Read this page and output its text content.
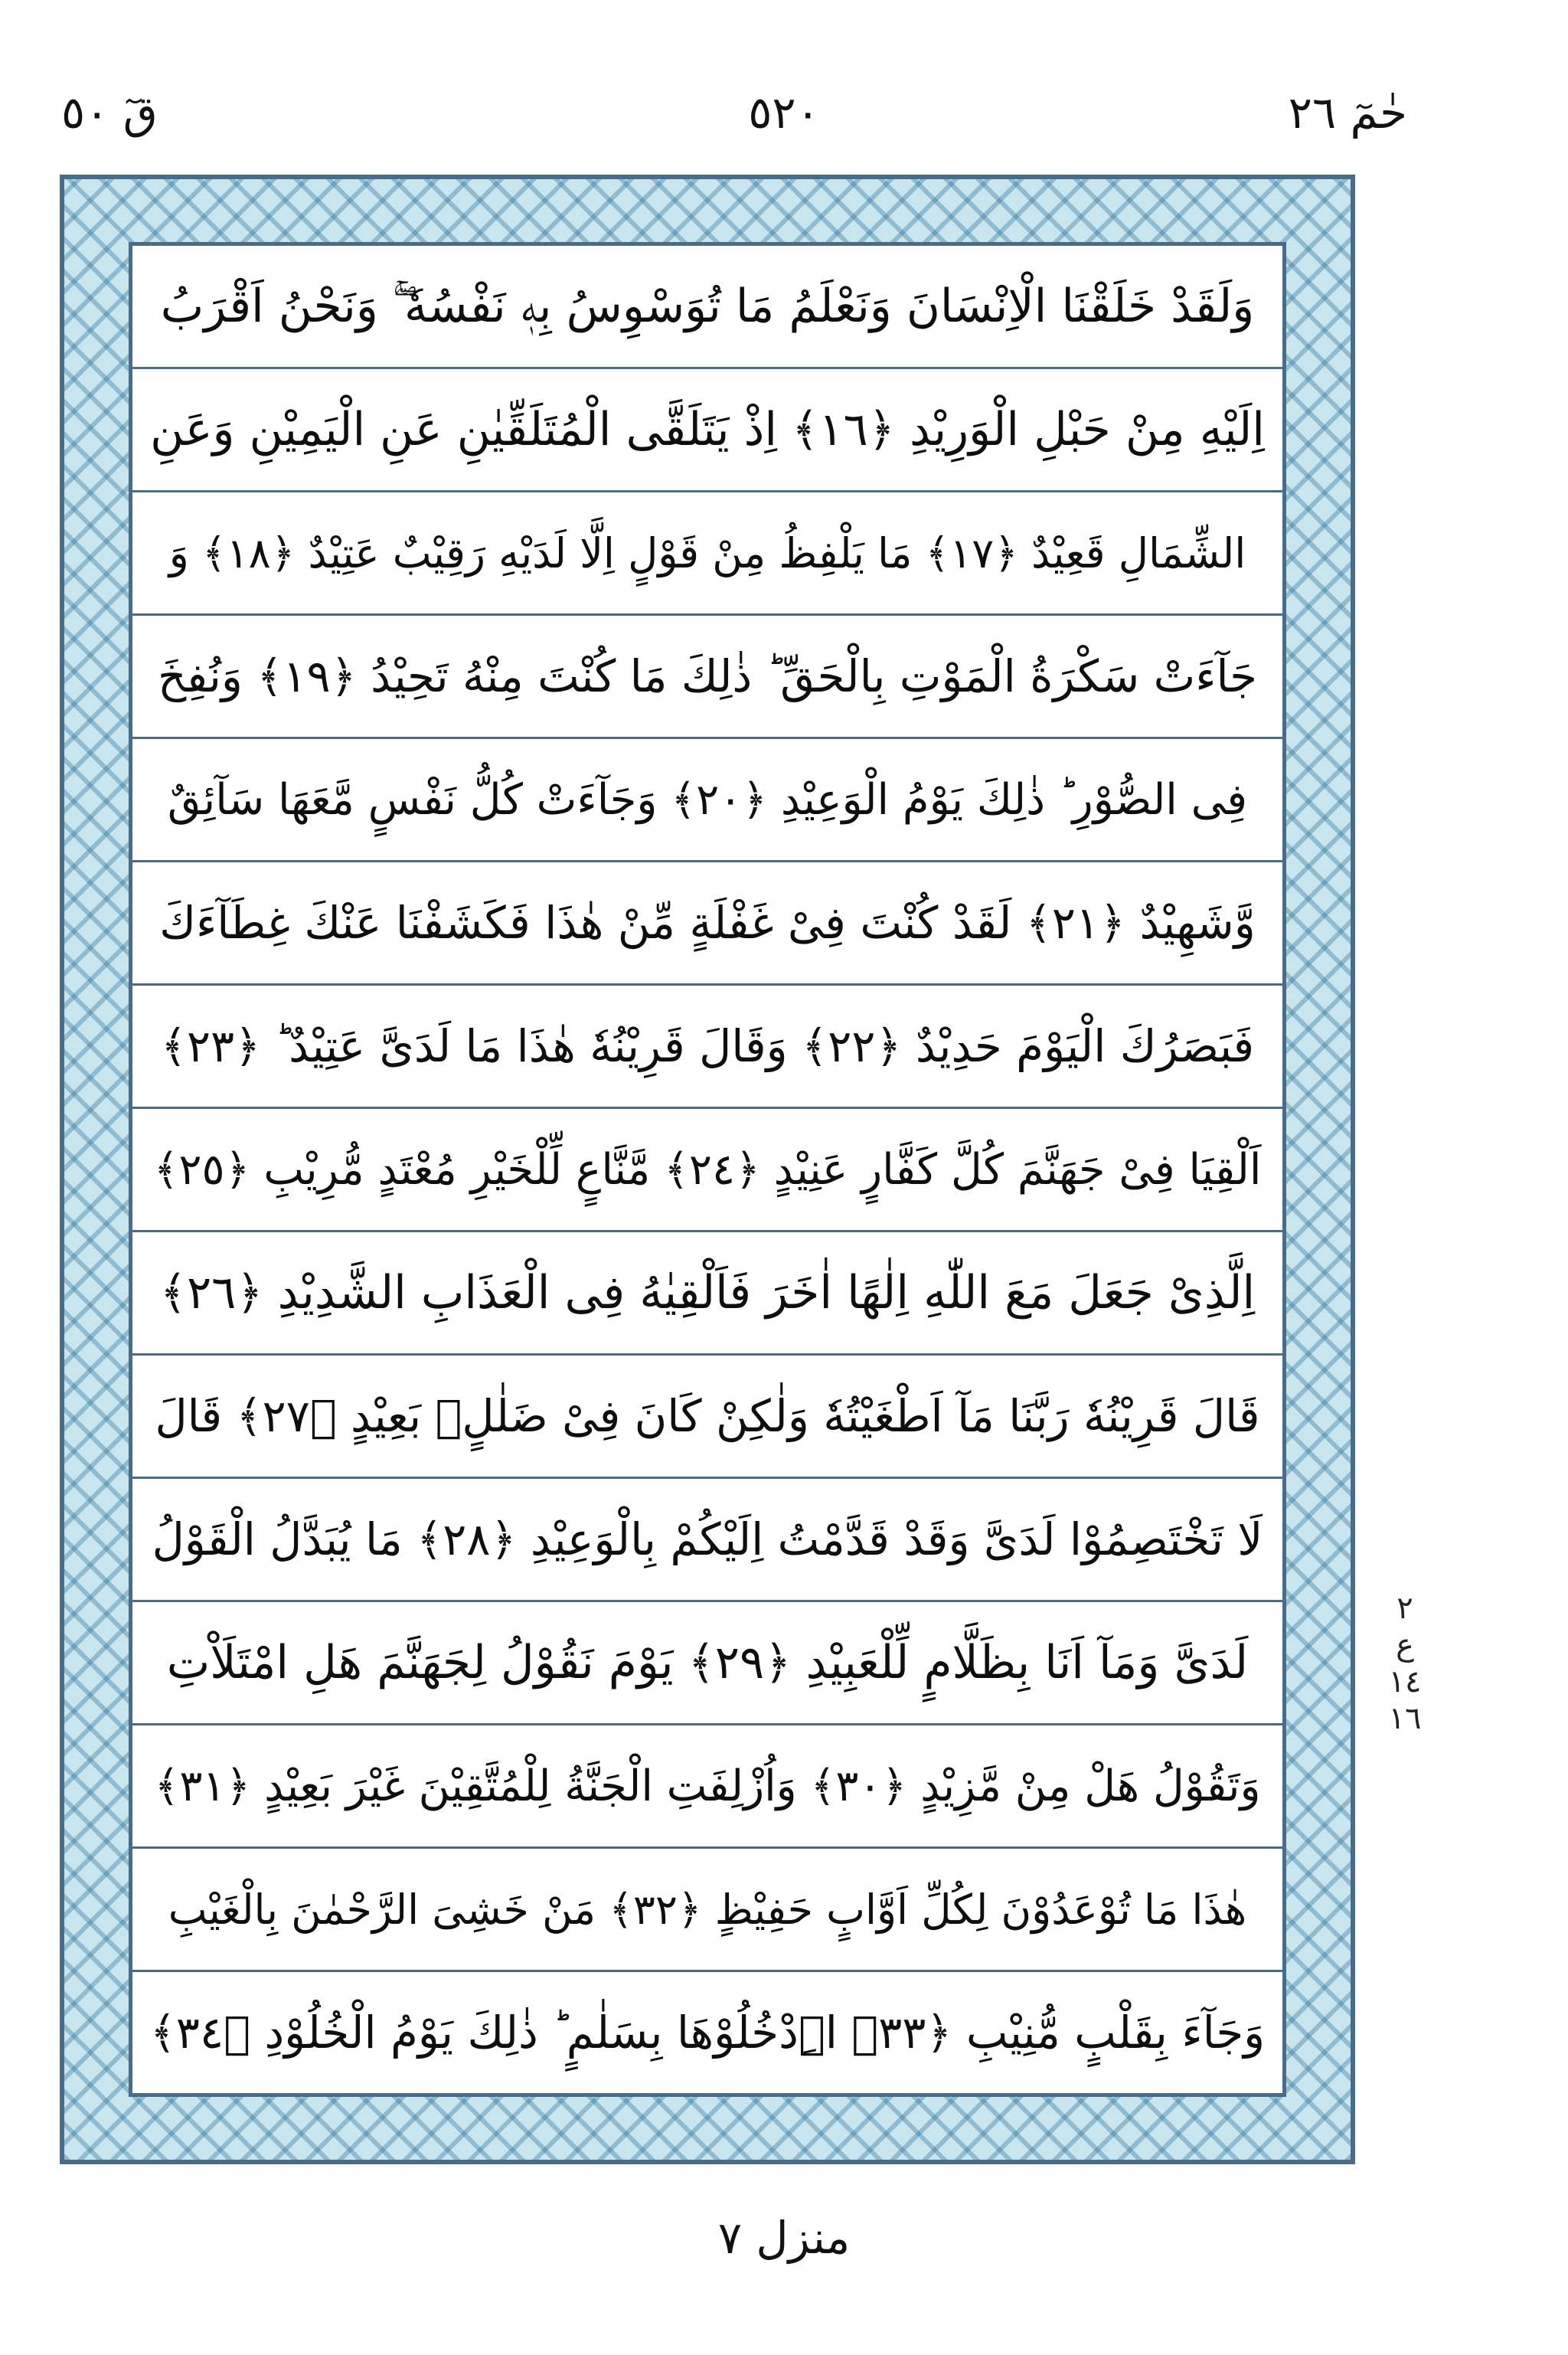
حٰمٓ ٢٦
٥٢٠
قٓ ٥٠
وَلَقَدْ خَلَقْنَا الْاِنْسَانَ وَنَعْلَمُ مَا تُوَسْوِسُ بِهٖ نَفْسُهٗ ۖۚ وَنَحْنُ اَقْرَبُ
اِلَيْهِ مِنْ حَبْلِ الْوَرِيْدِ ﴿١٦﴾ اِذْ يَتَلَقَّى الْمُتَلَقِّيٰنِ عَنِ الْيَمِيْنِ وَعَنِ
الشِّمَالِ قَعِيْدٌ ﴿١٧﴾ مَا يَلْفِظُ مِنْ قَوْلٍ اِلَّا لَدَيْهِ رَقِيْبٌ عَتِيْدٌ ﴿١٨﴾ وَ
جَآءَتْ سَكْرَةُ الْمَوْتِ بِالْحَقِّ ؕ ذٰلِكَ مَا كُنْتَ مِنْهُ تَحِيْدُ ﴿١٩﴾ وَنُفِخَ
فِى الصُّوْرِ ؕ ذٰلِكَ يَوْمُ الْوَعِيْدِ ﴿٢٠﴾ وَجَآءَتْ كُلُّ نَفْسٍ مَّعَهَا سَآئِقٌ
وَّشَهِيْدٌ ﴿٢١﴾ لَقَدْ كُنْتَ فِىْ غَفْلَةٍ مِّنْ هٰذَا فَكَشَفْنَا عَنْكَ غِطَآءَكَ
فَبَصَرُكَ الْيَوْمَ حَدِيْدٌ ﴿٢٢﴾ وَقَالَ قَرِيْنُهٗ هٰذَا مَا لَدَىَّ عَتِيْدٌ ؕ ﴿٢٣﴾
اَلْقِيَا فِىْ جَهَنَّمَ كُلَّ كَفَّارٍ عَنِيْدٍ ﴿٢٤﴾ مَّنَّاعٍ لِّلْخَيْرِ مُعْتَدٍ مُّرِيْبِ ﴿٢٥﴾
اِلَّذِىْ جَعَلَ مَعَ اللّٰهِ اِلٰهًا اٰخَرَ فَاَلْقِيٰهُ فِى الْعَذَابِ الشَّدِيْدِ ﴿٢٦﴾
قَالَ قَرِيْنُهٗ رَبَّنَا مَآ اَطْغَيْتُهٗ وَلٰكِنْ كَانَ فِىْ ضَلٰلٍۭ بَعِيْدٍ ﴿٢٧﴾ قَالَ
لَا تَخْتَصِمُوْا لَدَىَّ وَقَدْ قَدَّمْتُ اِلَيْكُمْ بِالْوَعِيْدِ ﴿٢٨﴾ مَا يُبَدَّلُ الْقَوْلُ
لَدَىَّ وَمَآ اَنَا بِظَلَّامٍ لِّلْعَبِيْدِ ﴿٢٩﴾ يَوْمَ نَقُوْلُ لِجَهَنَّمَ هَلِ امْتَلَاْتِ
وَتَقُوْلُ هَلْ مِنْ مَّزِيْدٍ ﴿٣٠﴾ وَاُزْلِفَتِ الْجَنَّةُ لِلْمُتَّقِيْنَ غَيْرَ بَعِيْدٍ ﴿٣١﴾
هٰذَا مَا تُوْعَدُوْنَ لِكُلِّ اَوَّابٍ حَفِيْظٍ ﴿٣٢﴾ مَنْ خَشِىَ الرَّحْمٰنَ بِالْغَيْبِ
وَجَآءَ بِقَلْبٍ مُّنِيْبِ ﴿٣٣﴾ اِۨدْخُلُوْهَا بِسَلٰمٍ ؕ ذٰلِكَ يَوْمُ الْخُلُوْدِ ﴿٣٤﴾
٢
ع
١٤
١٦
منزل ٧
